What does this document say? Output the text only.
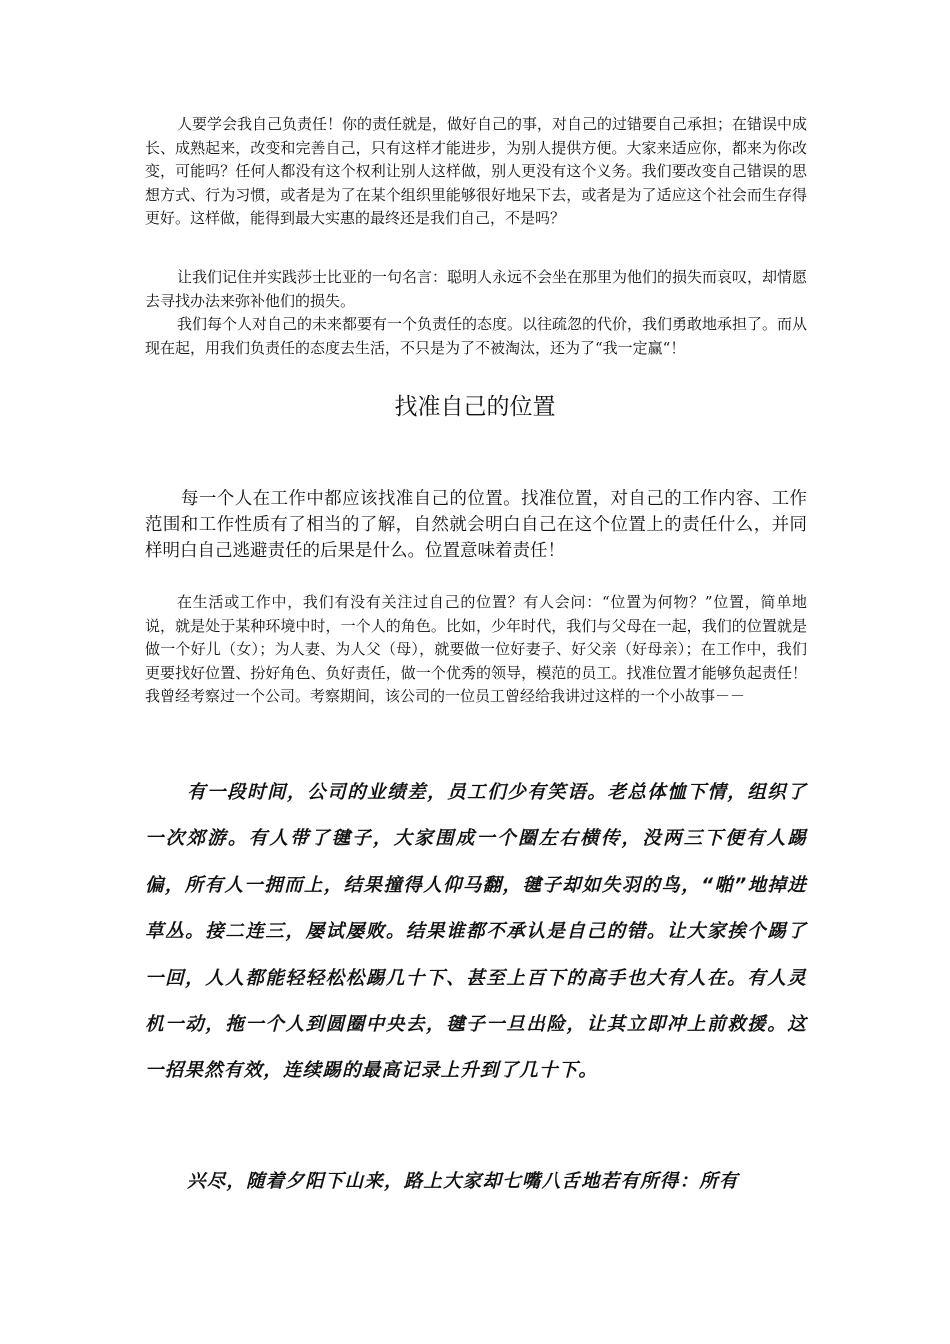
人要学会我自己负责任！你的责任就是，做好自己的事，对自己的过错要自己承担；在错误中成长、成熟起来，改变和完善自己，只有这样才能进步，为别人提供方便。大家来适应你，都来为你改变，可能吗？任何人都没有这个权利让别人这样做，别人更没有这个义务。我们要改变自己错误的思想方式、行为习惯，或者是为了在某个组织里能够很好地呆下去，或者是为了适应这个社会而生存得更好。这样做，能得到最大实惠的最终还是我们自己，不是吗？

让我们记住并实践莎士比亚的一句名言：聪明人永远不会坐在那里为他们的损失而哀叹，却情愿去寻找办法来弥补他们的损失。

我们每个人对自己的未来都要有一个负责任的态度。以往疏忽的代价，我们勇敢地承担了。而从现在起，用我们负责任的态度去生活，不只是为了不被淘汰，还为了“我一定赢“！

找准自己的位置

每一个人在工作中都应该找准自己的位置。找准位置，对自己的工作内容、工作范围和工作性质有了相当的了解，自然就会明白自己在这个位置上的责任什么，并同样明白自己逃避责任的后果是什么。位置意味着责任！

在生活或工作中，我们有没有关注过自己的位置？有人会问：“位置为何物？”位置，简单地说，就是处于某种环境中时，一个人的角色。比如，少年时代，我们与父母在一起，我们的位置就是做一个好儿（女）；为人妻、为人父（母），就要做一位好妻子、好父亲（好母亲）；在工作中，我们更要找好位置、扮好角色、负好责任，做一个优秀的领导，模范的员工。找准位置才能够负起责任！我曾经考察过一个公司。考察期间，该公司的一位员工曾经给我讲过这样的一个小故事－－

有一段时间，公司的业绩差，员工们少有笑语。老总体恤下情，组织了一次郊游。有人带了毽子，大家围成一个圈左右横传，没两三下便有人踢偏，所有人一拥而上，结果撞得人仰马翻，毽子却如失羽的鸟，“啪”地掉进草丛。接二连三，屡试屡败。结果谁都不承认是自己的错。让大家挨个踢了一回，人人都能轻轻松松踢几十下、甚至上百下的高手也大有人在。有人灵机一动，拖一个人到圆圈中央去，毽子一旦出险，让其立即冲上前救援。这一招果然有效，连续踢的最高记录上升到了几十下。

兴尽，随着夕阳下山来，路上大家却七嘴八舌地若有所得：所有
